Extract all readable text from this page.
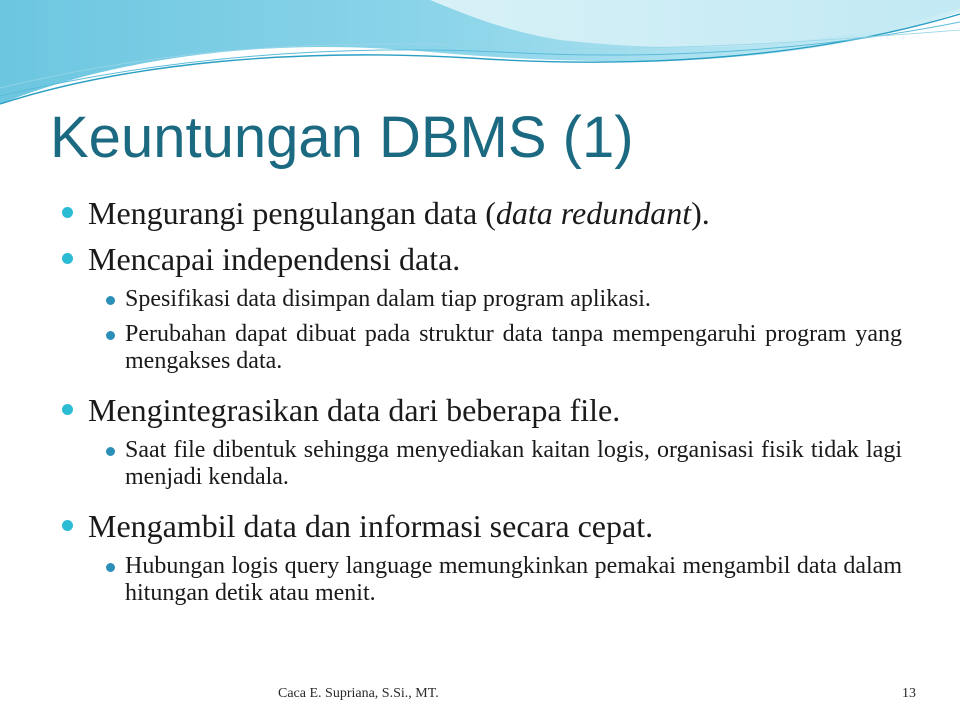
Keuntungan DBMS (1)
Mengurangi pengulangan data (data redundant).
Mencapai independensi data.
Spesifikasi data disimpan dalam tiap program aplikasi.
Perubahan dapat dibuat pada struktur data tanpa mempengaruhi program yang mengakses data.
Mengintegrasikan data dari beberapa file.
Saat file dibentuk sehingga menyediakan kaitan logis, organisasi fisik tidak lagi menjadi kendala.
Mengambil data dan informasi secara cepat.
Hubungan logis query language memungkinkan pemakai mengambil data dalam hitungan detik atau menit.
Caca E. Supriana, S.Si., MT.	13
